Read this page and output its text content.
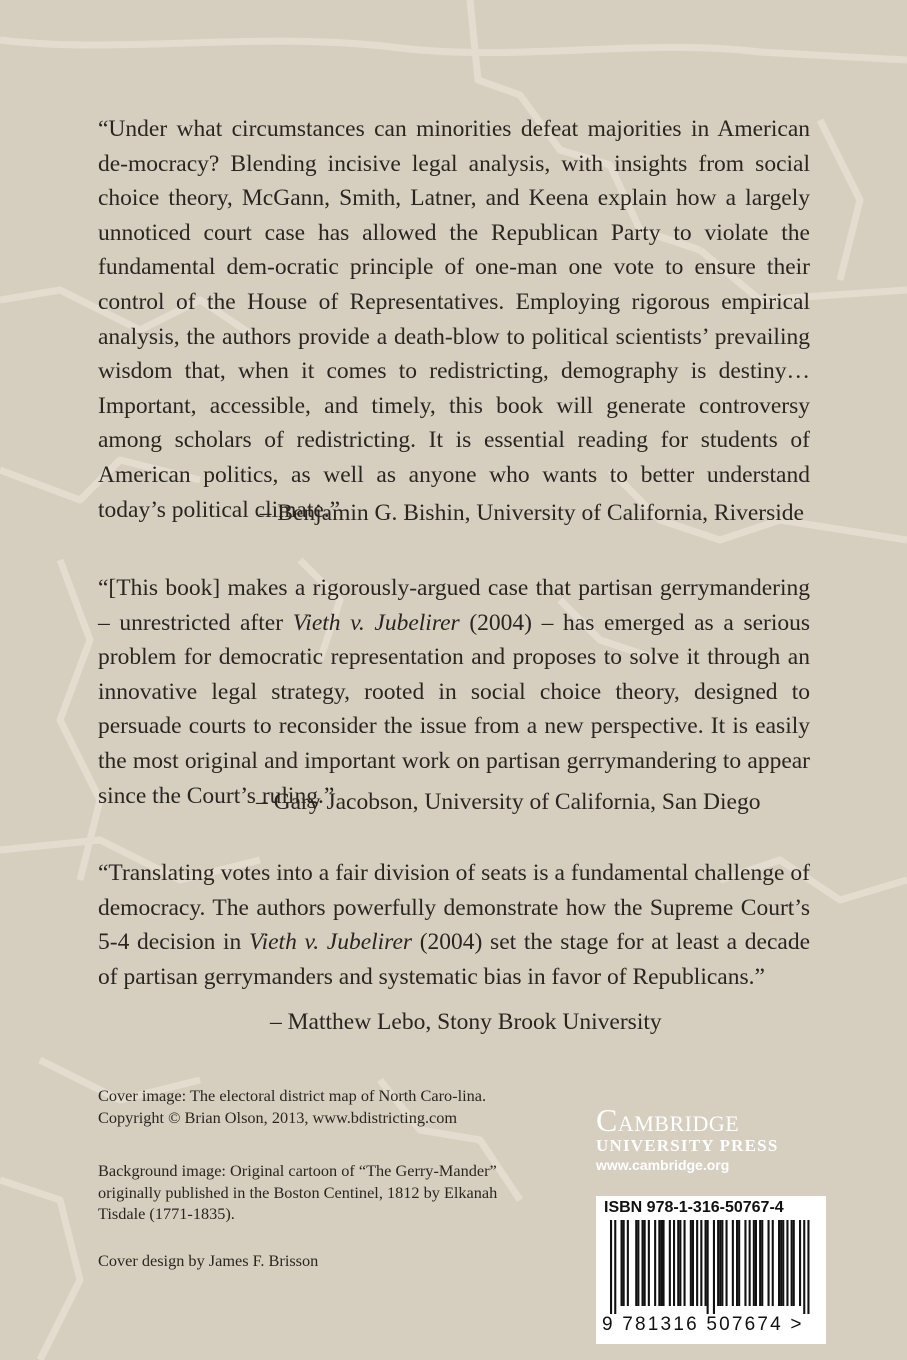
“Under what circumstances can minorities defeat majorities in American de-mocracy? Blending incisive legal analysis, with insights from social choice theory, McGann, Smith, Latner, and Keena explain how a largely unnoticed court case has allowed the Republican Party to violate the fundamental dem-ocratic principle of one-man one vote to ensure their control of the House of Representatives. Employing rigorous empirical analysis, the authors provide a death-blow to political scientists’ prevailing wisdom that, when it comes to redistricting, demography is destiny… Important, accessible, and timely, this book will generate controversy among scholars of redistricting. It is essential reading for students of American politics, as well as anyone who wants to better understand today’s political climate.”

– Benjamin G. Bishin, University of California, Riverside

“[This book] makes a rigorously-argued case that partisan gerrymandering – unrestricted after Vieth v. Jubelirer (2004) – has emerged as a serious problem for democratic representation and proposes to solve it through an innovative legal strategy, rooted in social choice theory, designed to persuade courts to reconsider the issue from a new perspective. It is easily the most original and important work on partisan gerrymandering to appear since the Court’s ruling.”

– Gary Jacobson, University of California, San Diego

“Translating votes into a fair division of seats is a fundamental challenge of democracy. The authors powerfully demonstrate how the Supreme Court’s 5-4 decision in Vieth v. Jubelirer (2004) set the stage for at least a decade of partisan gerrymanders and systematic bias in favor of Republicans.”

– Matthew Lebo, Stony Brook University

Cover image: The electoral district map of North Caro-lina. Copyright © Brian Olson, 2013, www.bdistricting.com

Background image: Original cartoon of “The Gerry-Mander” originally published in the Boston Centinel, 1812 by Elkanah Tisdale (1771-1835).

Cover design by James F. Brisson

Cambridge
UNIVERSITY PRESS
www.cambridge.org
ISBN 978-1-316-50767-4
9 781316 507674 >
